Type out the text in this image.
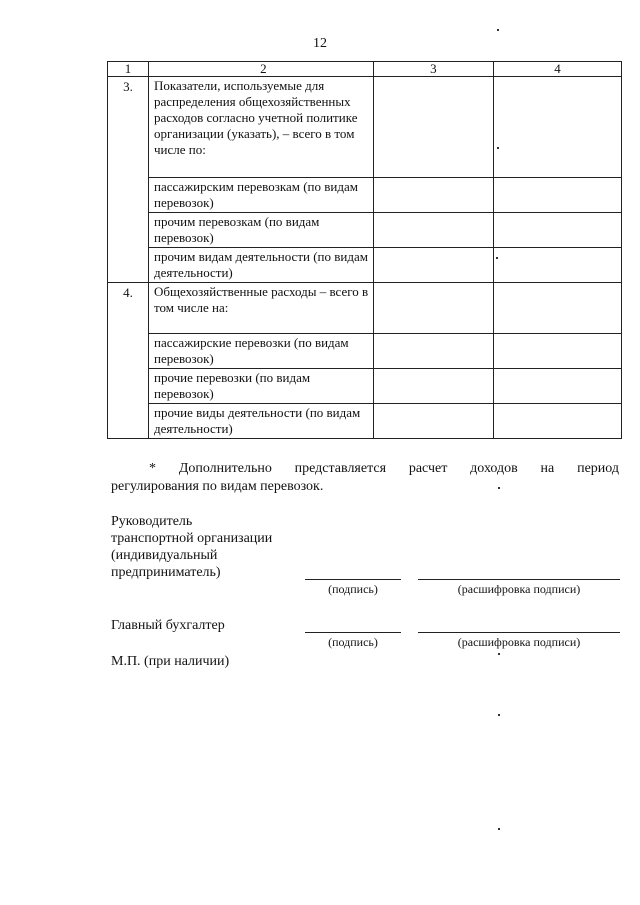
12
1	2	3	4
3.	Показатели, используемые для распределения общехозяйственных расходов согласно учетной политике организации (указать), – всего в том числе по:		
	пассажирским перевозкам (по видам перевозок)		
	прочим перевозкам (по видам перевозок)		
	прочим видам деятельности (по видам деятельности)		
4.	Общехозяйственные расходы – всего в том числе на:		
	пассажирские перевозки (по видам перевозок)		
	прочие перевозки (по видам перевозок)		
	прочие виды деятельности (по видам деятельности)		
* Дополнительно представляется расчет доходов на период
регулирования по видам перевозок.
Руководитель
транспортной организации
(индивидуальный
предприниматель)
(подпись)	(расшифровка подписи)
Главный бухгалтер
(подпись)	(расшифровка подписи)
М.П. (при наличии)
